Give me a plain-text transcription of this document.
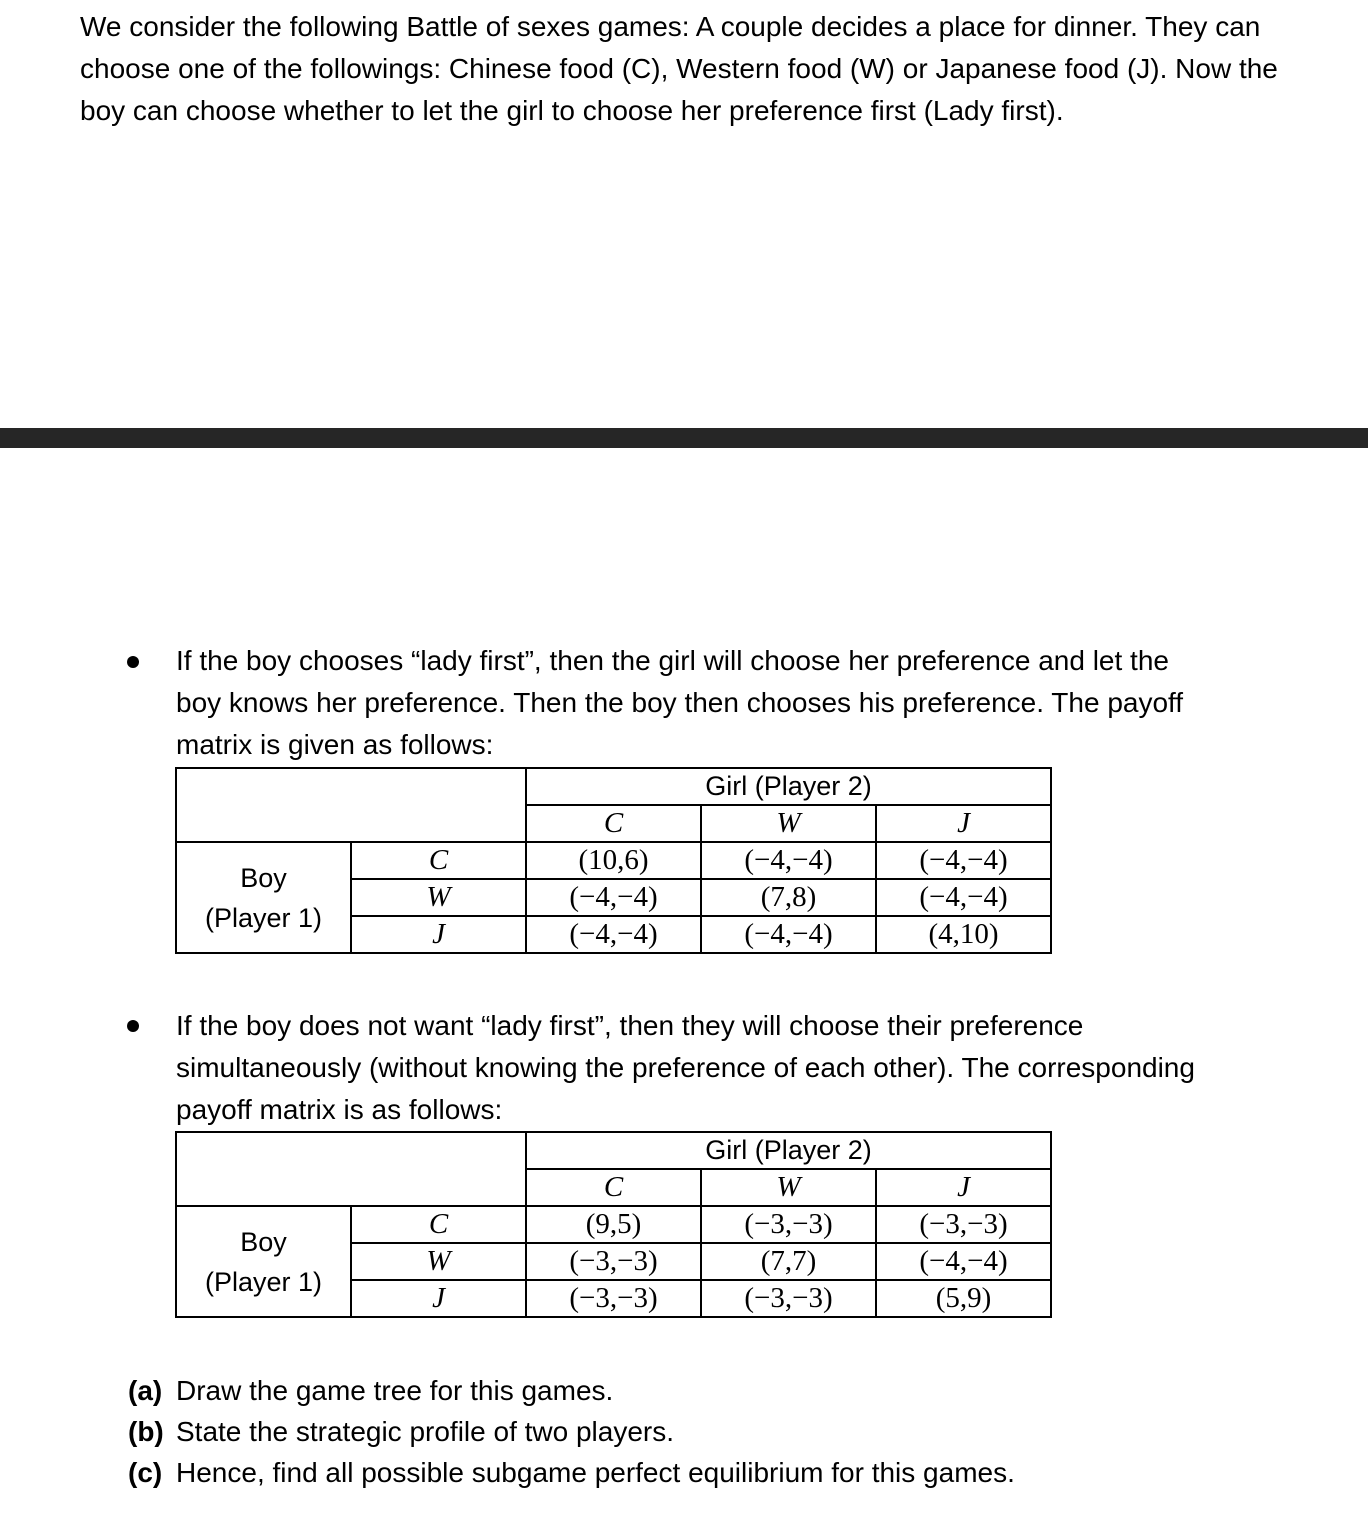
We consider the following Battle of sexes games: A couple decides a place for dinner. They can choose one of the followings: Chinese food (C), Western food (W) or Japanese food (J). Now the boy can choose whether to let the girl to choose her preference first (Lady first).

If the boy chooses “lady first”, then the girl will choose her preference and let the boy knows her preference. Then the boy then chooses his preference. The payoff matrix is given as follows:

		Girl (Player 2)		
		C	W	J

Boy
(Player 1)	C	(10,6)	(−4,−4)	(−4,−4)
	W	(−4,−4)	(7,8)	(−4,−4)
	J	(−4,−4)	(−4,−4)	(4,10)

If the boy does not want “lady first”, then they will choose their preference simultaneously (without knowing the preference of each other). The corresponding payoff matrix is as follows:

		Girl (Player 2)		
		C	W	J

Boy
(Player 1)	C	(9,5)	(−3,−3)	(−3,−3)
	W	(−3,−3)	(7,7)	(−4,−4)
	J	(−3,−3)	(−3,−3)	(5,9)
(a) Draw the game tree for this games.
(b) State the strategic profile of two players.
(c) Hence, find all possible subgame perfect equilibrium for this games.
